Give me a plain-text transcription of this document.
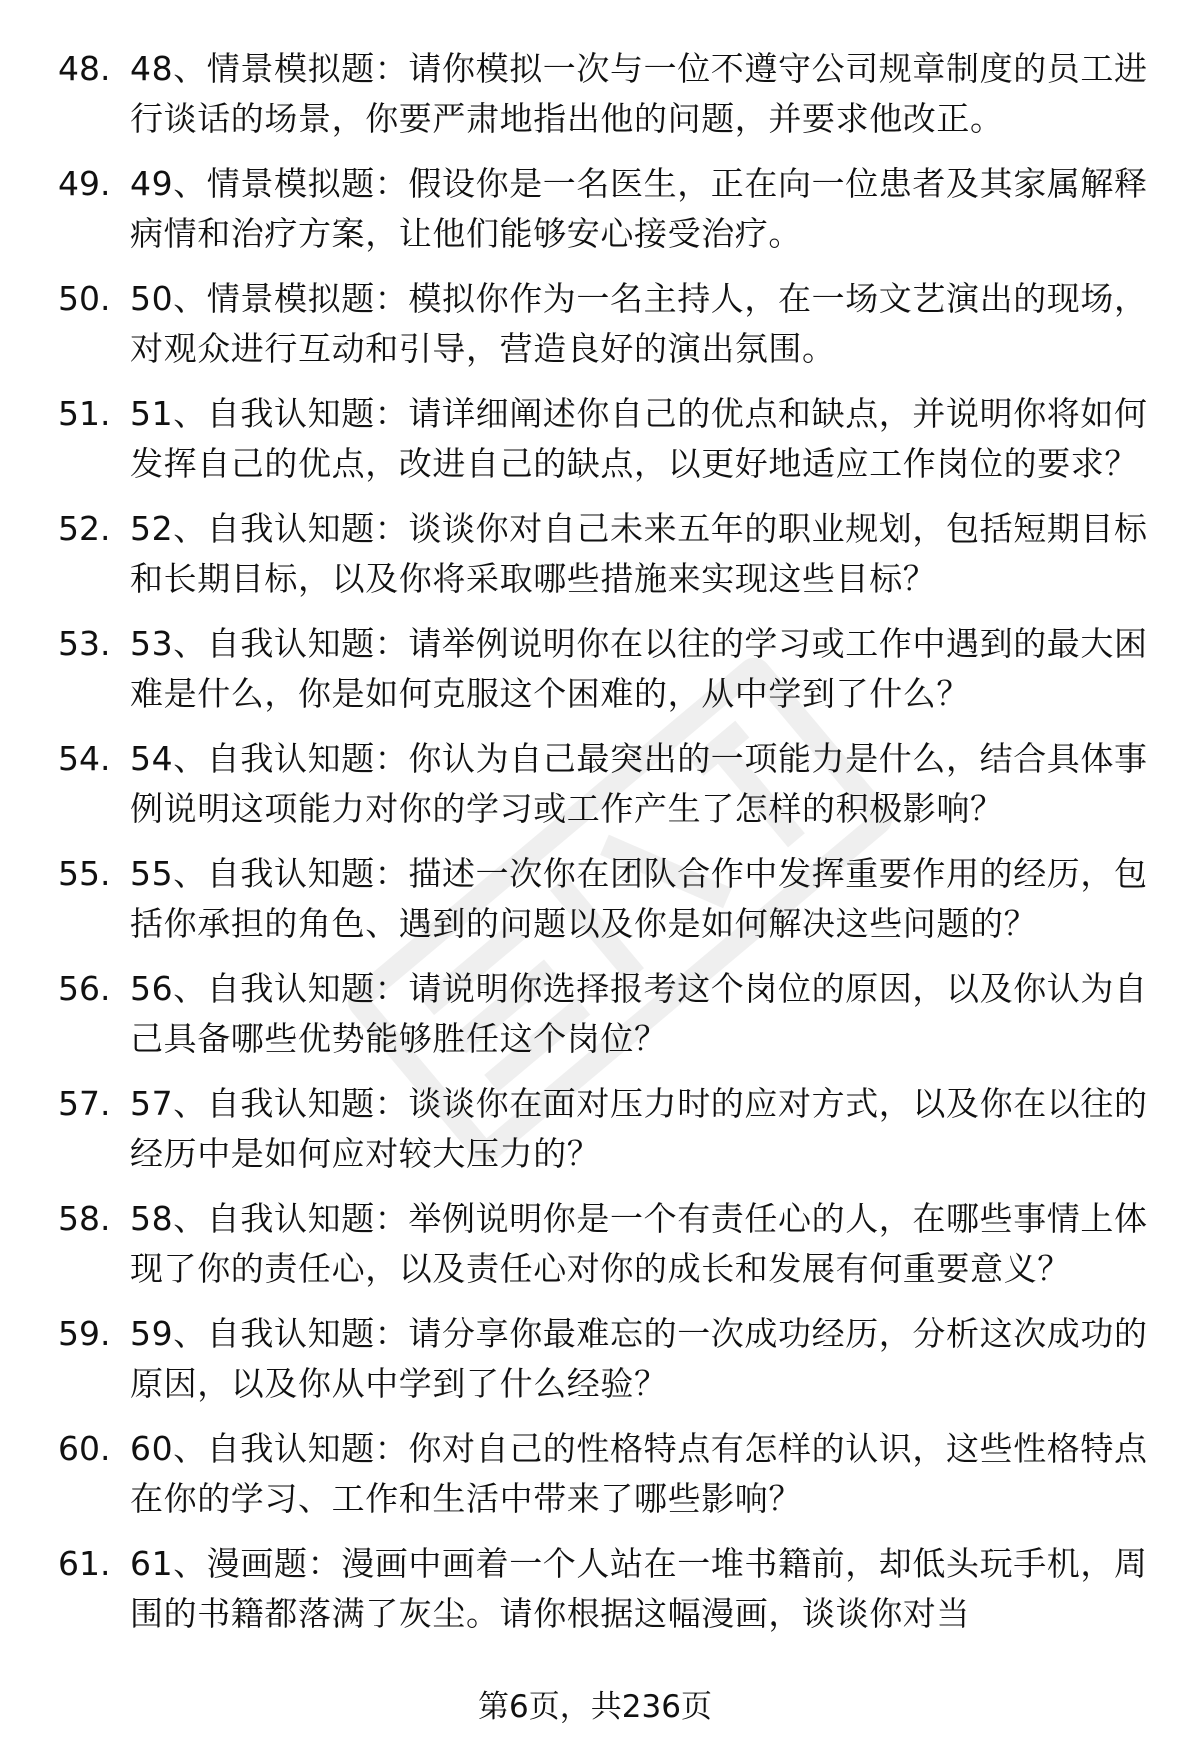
48. 48、情景模拟题：请你模拟一次与一位不遵守公司规章制度的员工进行谈话的场景，你要严肃地指出他的问题，并要求他改正。
49. 49、情景模拟题：假设你是一名医生，正在向一位患者及其家属解释病情和治疗方案，让他们能够安心接受治疗。
50. 50、情景模拟题：模拟你作为一名主持人，在一场文艺演出的现场，对观众进行互动和引导，营造良好的演出氛围。
51. 51、自我认知题：请详细阐述你自己的优点和缺点，并说明你将如何发挥自己的优点，改进自己的缺点，以更好地适应工作岗位的要求？
52. 52、自我认知题：谈谈你对自己未来五年的职业规划，包括短期目标和长期目标，以及你将采取哪些措施来实现这些目标？
53. 53、自我认知题：请举例说明你在以往的学习或工作中遇到的最大困难是什么，你是如何克服这个困难的，从中学到了什么？
54. 54、自我认知题：你认为自己最突出的一项能力是什么，结合具体事例说明这项能力对你的学习或工作产生了怎样的积极影响？
55. 55、自我认知题：描述一次你在团队合作中发挥重要作用的经历，包括你承担的角色、遇到的问题以及你是如何解决这些问题的？
56. 56、自我认知题：请说明你选择报考这个岗位的原因，以及你认为自己具备哪些优势能够胜任这个岗位？
57. 57、自我认知题：谈谈你在面对压力时的应对方式，以及你在以往的经历中是如何应对较大压力的？
58. 58、自我认知题：举例说明你是一个有责任心的人，在哪些事情上体现了你的责任心，以及责任心对你的成长和发展有何重要意义？
59. 59、自我认知题：请分享你最难忘的一次成功经历，分析这次成功的原因，以及你从中学到了什么经验？
60. 60、自我认知题：你对自己的性格特点有怎样的认识，这些性格特点在你的学习、工作和生活中带来了哪些影响？
61. 61、漫画题：漫画中画着一个人站在一堆书籍前，却低头玩手机，周围的书籍都落满了灰尘。请你根据这幅漫画，谈谈你对当
第6页，共236页
